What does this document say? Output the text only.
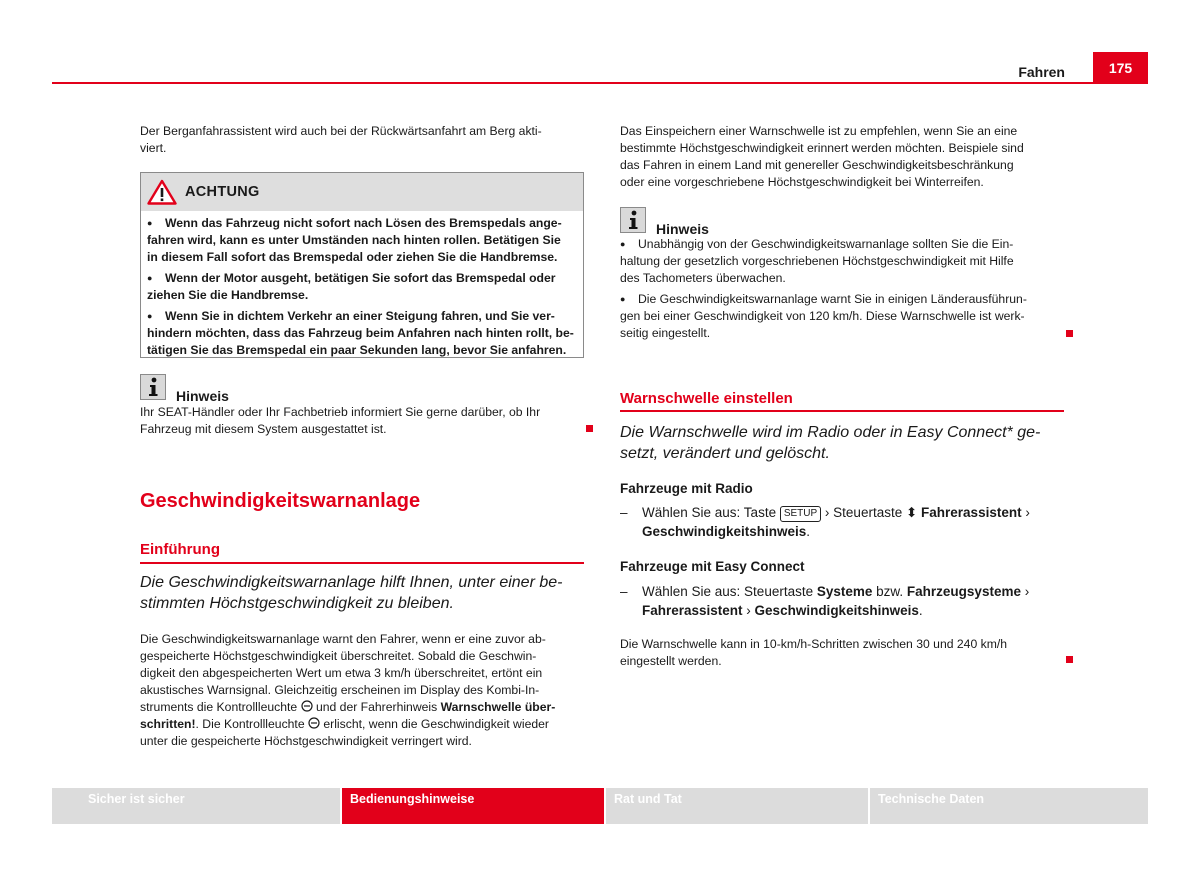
Fahren	175
Der Berganfahrassistent wird auch bei der Rückwärtsanfahrt am Berg akti-
viert.
ACHTUNG
● Wenn das Fahrzeug nicht sofort nach Lösen des Bremspedals ange-
fahren wird, kann es unter Umständen nach hinten rollen. Betätigen Sie
in diesem Fall sofort das Bremspedal oder ziehen Sie die Handbremse.
● Wenn der Motor ausgeht, betätigen Sie sofort das Bremspedal oder
ziehen Sie die Handbremse.
● Wenn Sie in dichtem Verkehr an einer Steigung fahren, und Sie ver-
hindern möchten, dass das Fahrzeug beim Anfahren nach hinten rollt, be-
tätigen Sie das Bremspedal ein paar Sekunden lang, bevor Sie anfahren.
Hinweis
Ihr SEAT-Händler oder Ihr Fachbetrieb informiert Sie gerne darüber, ob Ihr
Fahrzeug mit diesem System ausgestattet ist.
Geschwindigkeitswarnanlage
Einführung
Die Geschwindigkeitswarnanlage hilft Ihnen, unter einer be-
stimmten Höchstgeschwindigkeit zu bleiben.
Die Geschwindigkeitswarnanlage warnt den Fahrer, wenn er eine zuvor ab-
gespeicherte Höchstgeschwindigkeit überschreitet. Sobald die Geschwin-
digkeit den abgespeicherten Wert um etwa 3 km/h überschreitet, ertönt ein
akustisches Warnsignal. Gleichzeitig erscheinen im Display des Kombi-In-
struments die Kontrollleuchte  und der Fahrerhinweis Warnschwelle über-
schritten!. Die Kontrollleuchte  erlischt, wenn die Geschwindigkeit wieder
unter die gespeicherte Höchstgeschwindigkeit verringert wird.
Das Einspeichern einer Warnschwelle ist zu empfehlen, wenn Sie an eine
bestimmte Höchstgeschwindigkeit erinnert werden möchten. Beispiele sind
das Fahren in einem Land mit genereller Geschwindigkeitsbeschränkung
oder eine vorgeschriebene Höchstgeschwindigkeit bei Winterreifen.
Hinweis
● Unabhängig von der Geschwindigkeitswarnanlage sollten Sie die Ein-
haltung der gesetzlich vorgeschriebenen Höchstgeschwindigkeit mit Hilfe
des Tachometers überwachen.
● Die Geschwindigkeitswarnanlage warnt Sie in einigen Länderausführun-
gen bei einer Geschwindigkeit von 120 km/h. Diese Warnschwelle ist werk-
seitig eingestellt.
Warnschwelle einstellen
Die Warnschwelle wird im Radio oder in Easy Connect* ge-
setzt, verändert und gelöscht.
Fahrzeuge mit Radio
– Wählen Sie aus: Taste SETUP › Steuertaste ⬍ Fahrerassistent ›
Geschwindigkeitshinweis.
Fahrzeuge mit Easy Connect
– Wählen Sie aus: Steuertaste Systeme bzw. Fahrzeugsysteme ›
Fahrerassistent › Geschwindigkeitshinweis.
Die Warnschwelle kann in 10-km/h-Schritten zwischen 30 und 240 km/h
eingestellt werden.
Sicher ist sicher	Bedienungshinweise	Rat und Tat	Technische Daten
